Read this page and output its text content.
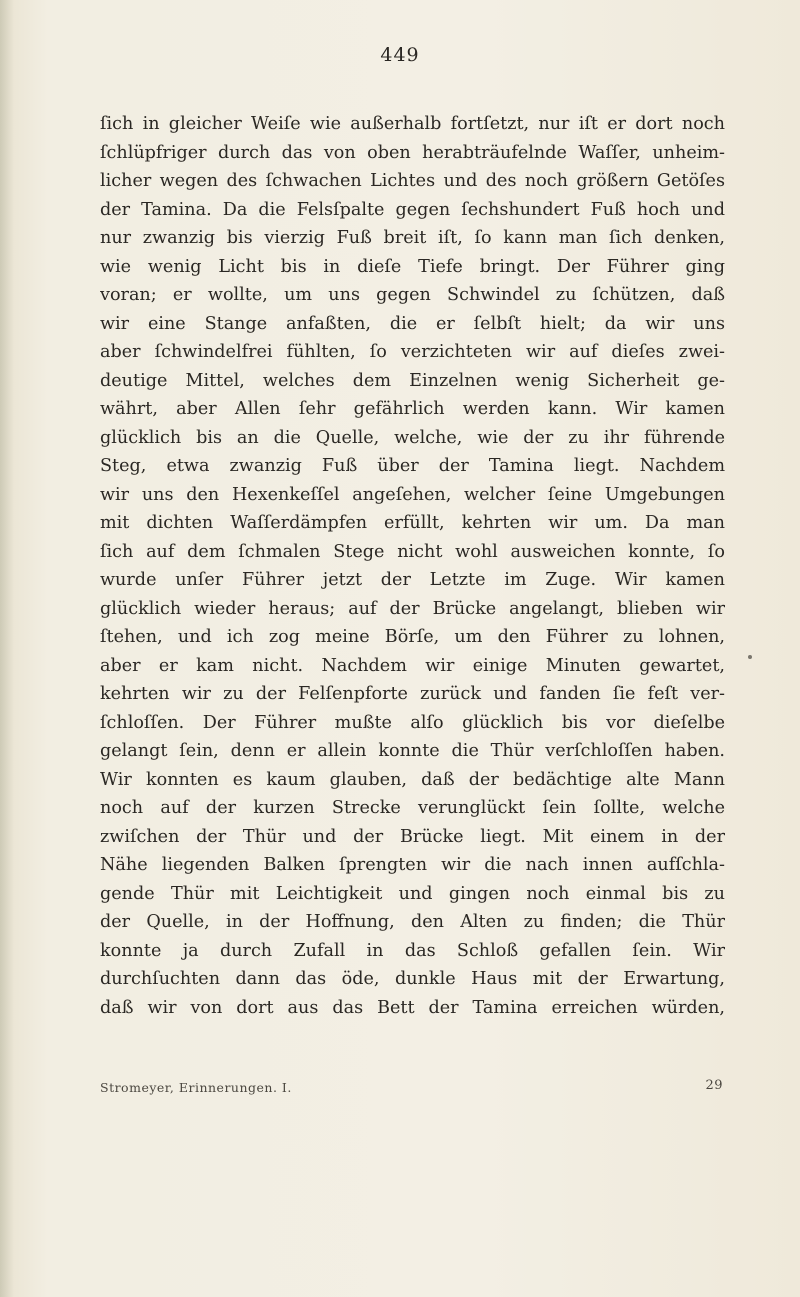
449
ſich in gleicher Weiſe wie außerhalb fortſetzt, nur iſt er dort noch
ſchlüpfriger durch das von oben herabträufelnde Waſſer, unheim-
licher wegen des ſchwachen Lichtes und des noch größern Getöſes
der Tamina. Da die Felsſpalte gegen ſechshundert Fuß hoch und
nur zwanzig bis vierzig Fuß breit iſt, ſo kann man ſich denken,
wie wenig Licht bis in dieſe Tiefe bringt. Der Führer ging
voran; er wollte, um uns gegen Schwindel zu ſchützen, daß
wir eine Stange anfaßten, die er ſelbſt hielt; da wir uns
aber ſchwindelfrei fühlten, ſo verzichteten wir auf dieſes zwei-
deutige Mittel, welches dem Einzelnen wenig Sicherheit ge-
währt, aber Allen ſehr gefährlich werden kann. Wir kamen
glücklich bis an die Quelle, welche, wie der zu ihr führende
Steg, etwa zwanzig Fuß über der Tamina liegt. Nachdem
wir uns den Hexenkeſſel angeſehen, welcher ſeine Umgebungen
mit dichten Waſſerdämpfen erfüllt, kehrten wir um. Da man
ſich auf dem ſchmalen Stege nicht wohl ausweichen konnte, ſo
wurde unſer Führer jetzt der Letzte im Zuge. Wir kamen
glücklich wieder heraus; auf der Brücke angelangt, blieben wir
ſtehen, und ich zog meine Börſe, um den Führer zu lohnen,
aber er kam nicht. Nachdem wir einige Minuten gewartet,
kehrten wir zu der Felſenpforte zurück und fanden ſie feſt ver-
ſchloſſen. Der Führer mußte alſo glücklich bis vor dieſelbe
gelangt ſein, denn er allein konnte die Thür verſchloſſen haben.
Wir konnten es kaum glauben, daß der bedächtige alte Mann
noch auf der kurzen Strecke verunglückt ſein ſollte, welche
zwiſchen der Thür und der Brücke liegt. Mit einem in der
Nähe liegenden Balken ſprengten wir die nach innen aufſchla-
gende Thür mit Leichtigkeit und gingen noch einmal bis zu
der Quelle, in der Hoffnung, den Alten zu finden; die Thür
konnte ja durch Zufall in das Schloß gefallen ſein. Wir
durchſuchten dann das öde, dunkle Haus mit der Erwartung,
daß wir von dort aus das Bett der Tamina erreichen würden,
Stromeyer, Erinnerungen. I.	29
